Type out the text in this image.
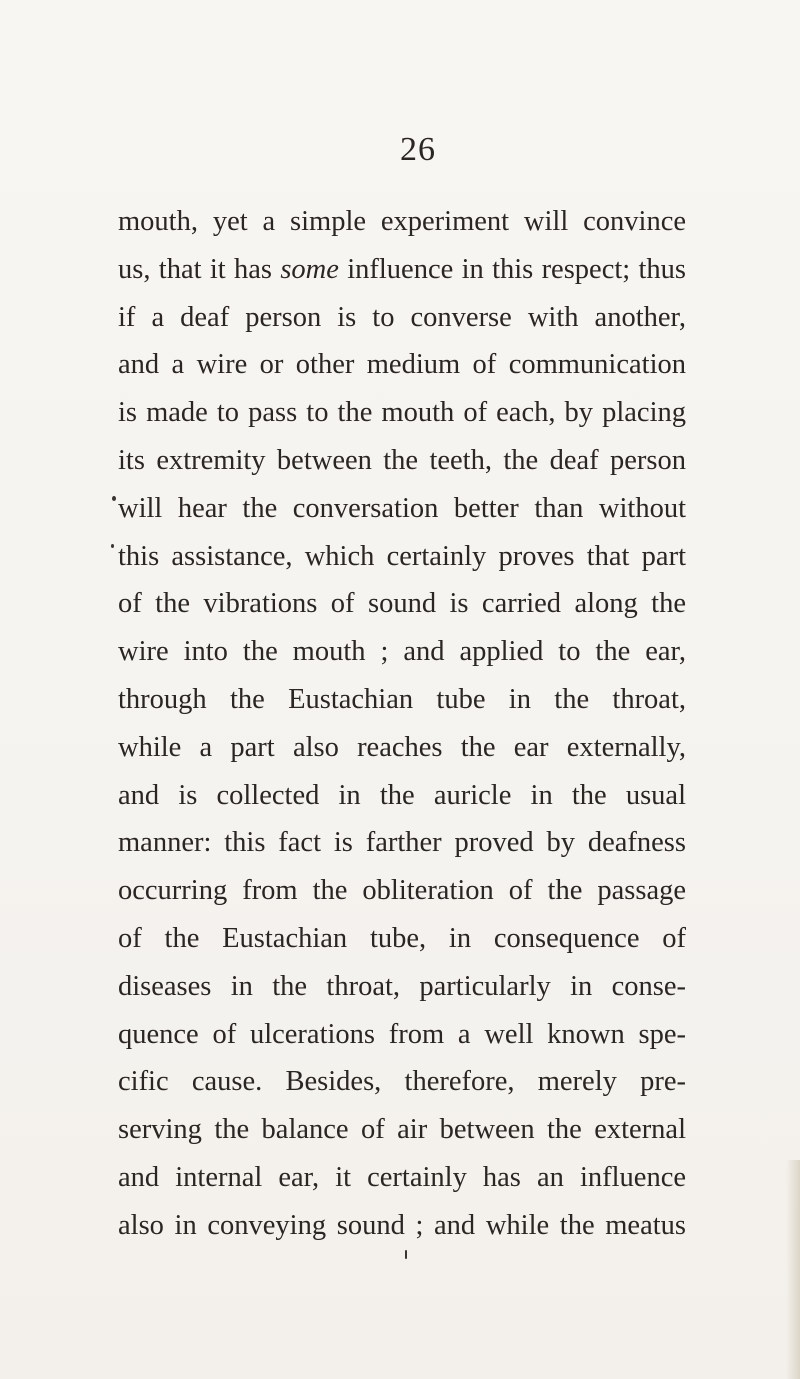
26
mouth, yet a simple experiment will convince
us, that it has some influence in this respect; thus
if a deaf person is to converse with another,
and a wire or other medium of communication
is made to pass to the mouth of each, by placing
its extremity between the teeth, the deaf person
will hear the conversation better than without
this assistance, which certainly proves that part
of the vibrations of sound is carried along the
wire into the mouth ; and applied to the ear,
through the Eustachian tube in the throat,
while a part also reaches the ear externally,
and is collected in the auricle in the usual
manner: this fact is farther proved by deafness
occurring from the obliteration of the passage
of the Eustachian tube, in consequence of
diseases in the throat, particularly in conse-
quence of ulcerations from a well known spe-
cific cause. Besides, therefore, merely pre-
serving the balance of air between the external
and internal ear, it certainly has an influence
also in conveying sound ; and while the meatus
